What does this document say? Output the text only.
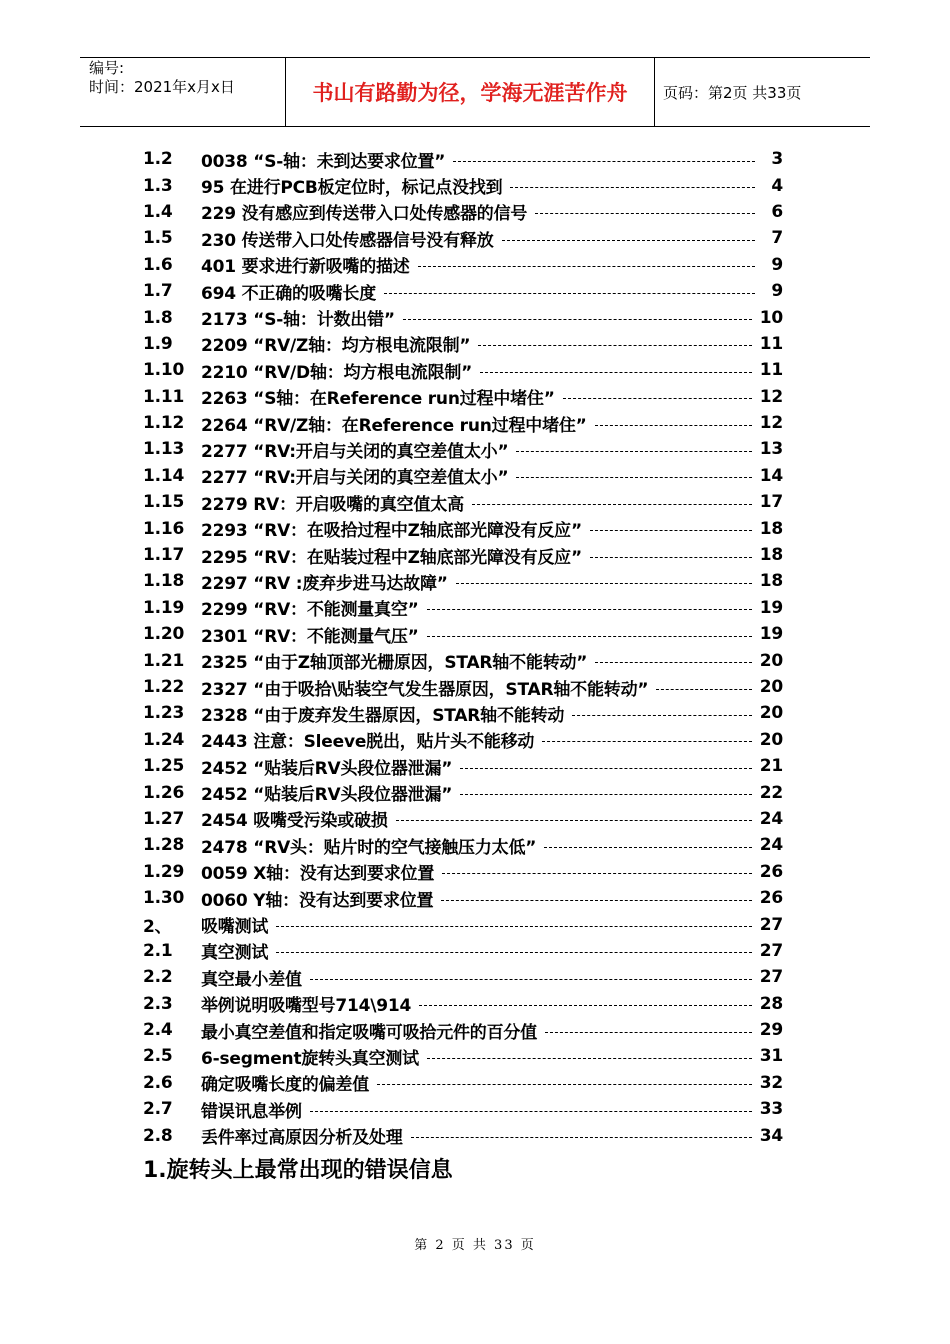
编号:
时间：2021年x月x日	书山有路勤为径，学海无涯苦作舟	页码：第2页 共33页
1.2	0038 “S-轴：未到达要求位置”	3
1.3	95 在进行PCB板定位时，标记点没找到	4
1.4	229 没有感应到传送带入口处传感器的信号	6
1.5	230 传送带入口处传感器信号没有释放	7
1.6	401 要求进行新吸嘴的描述	9
1.7	694 不正确的吸嘴长度	9
1.8	2173 “S-轴：计数出错”	10
1.9	2209 “RV/Z轴：均方根电流限制”	11
1.10 2210 “RV/D轴：均方根电流限制”	11
1.11 2263 “S轴：在Reference run过程中堵住”	12
1.12 2264 “RV/Z轴：在Reference run过程中堵住”	12
1.13 2277 “RV:开启与关闭的真空差值太小”	13
1.14 2277 “RV:开启与关闭的真空差值太小”	14
1.15 2279 RV：开启吸嘴的真空值太高	17
1.16 2293 “RV：在吸拾过程中Z轴底部光障没有反应”	18
1.17 2295 “RV：在贴装过程中Z轴底部光障没有反应”	18
1.18 2297 “RV :废弃步进马达故障”	18
1.19 2299 “RV：不能测量真空”	19
1.20 2301 “RV：不能测量气压”	19
1.21 2325 “由于Z轴顶部光栅原因，STAR轴不能转动”	20
1.22 2327 “由于吸拾\贴装空气发生器原因，STAR轴不能转动”	20
1.23 2328 “由于废弃发生器原因，STAR轴不能转动	20
1.24 2443 注意：Sleeve脱出，贴片头不能移动	20
1.25 2452 “贴装后RV头段位器泄漏”	21
1.26 2452 “贴装后RV头段位器泄漏”	22
1.27 2454 吸嘴受污染或破损	24
1.28 2478 “RV头：贴片时的空气接触压力太低”	24
1.29 0059 X轴：没有达到要求位置	26
1.30 0060 Y轴：没有达到要求位置	26
2、	吸嘴测试	27
2.1	真空测试	27
2.2	真空最小差值	27
2.3	举例说明吸嘴型号714\914	28
2.4	最小真空差值和指定吸嘴可吸拾元件的百分值	29
2.5	6-segment旋转头真空测试	31
2.6	确定吸嘴长度的偏差值	32
2.7	错误讯息举例	33
2.8	丢件率过高原因分析及处理	34
1.旋转头上最常出现的错误信息
第 2 页 共 33 页
